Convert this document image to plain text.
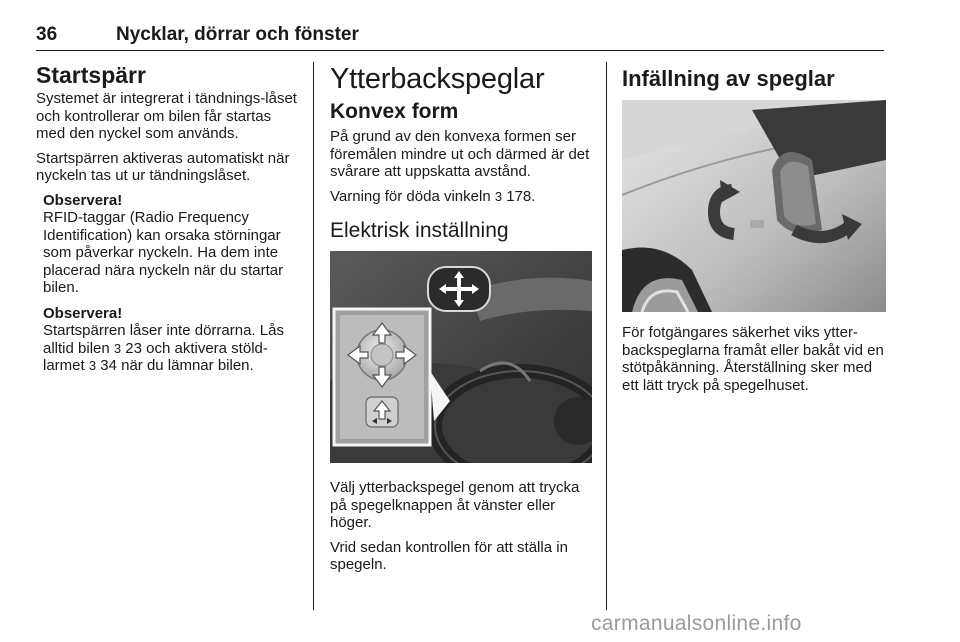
36	Nycklar, dörrar och fönster
Startspärr

Systemet är integrerat i tändnings-låset och kontrollerar om bilen får startas med den nyckel som används.

Startspärren aktiveras automatiskt när nyckeln tas ut ur tändningslåset.

Observera!

RFID-taggar (Radio Frequency Identification) kan orsaka störningar som påverkar nyckeln. Ha dem inte placerad nära nyckeln när du startar bilen.

Observera!

Startspärren låser inte dörrarna. Lås alltid bilen 3 23 och aktivera stöld-larmet 3 34 när du lämnar bilen.

Ytterbackspeglar
Konvex form

På grund av den konvexa formen ser föremålen mindre ut och därmed är det svårare att uppskatta avstånd.

Varning för döda vinkeln 3 178.

Elektrisk inställning

Välj ytterbackspegel genom att trycka på spegelknappen åt vänster eller höger.

Vrid sedan kontrollen för att ställa in spegeln.

Infällning av speglar

För fotgängares säkerhet viks ytter-backspeglarna framåt eller bakåt vid en stötpåkänning. Återställning sker med ett lätt tryck på spegelhuset.

carmanualsonline.info
